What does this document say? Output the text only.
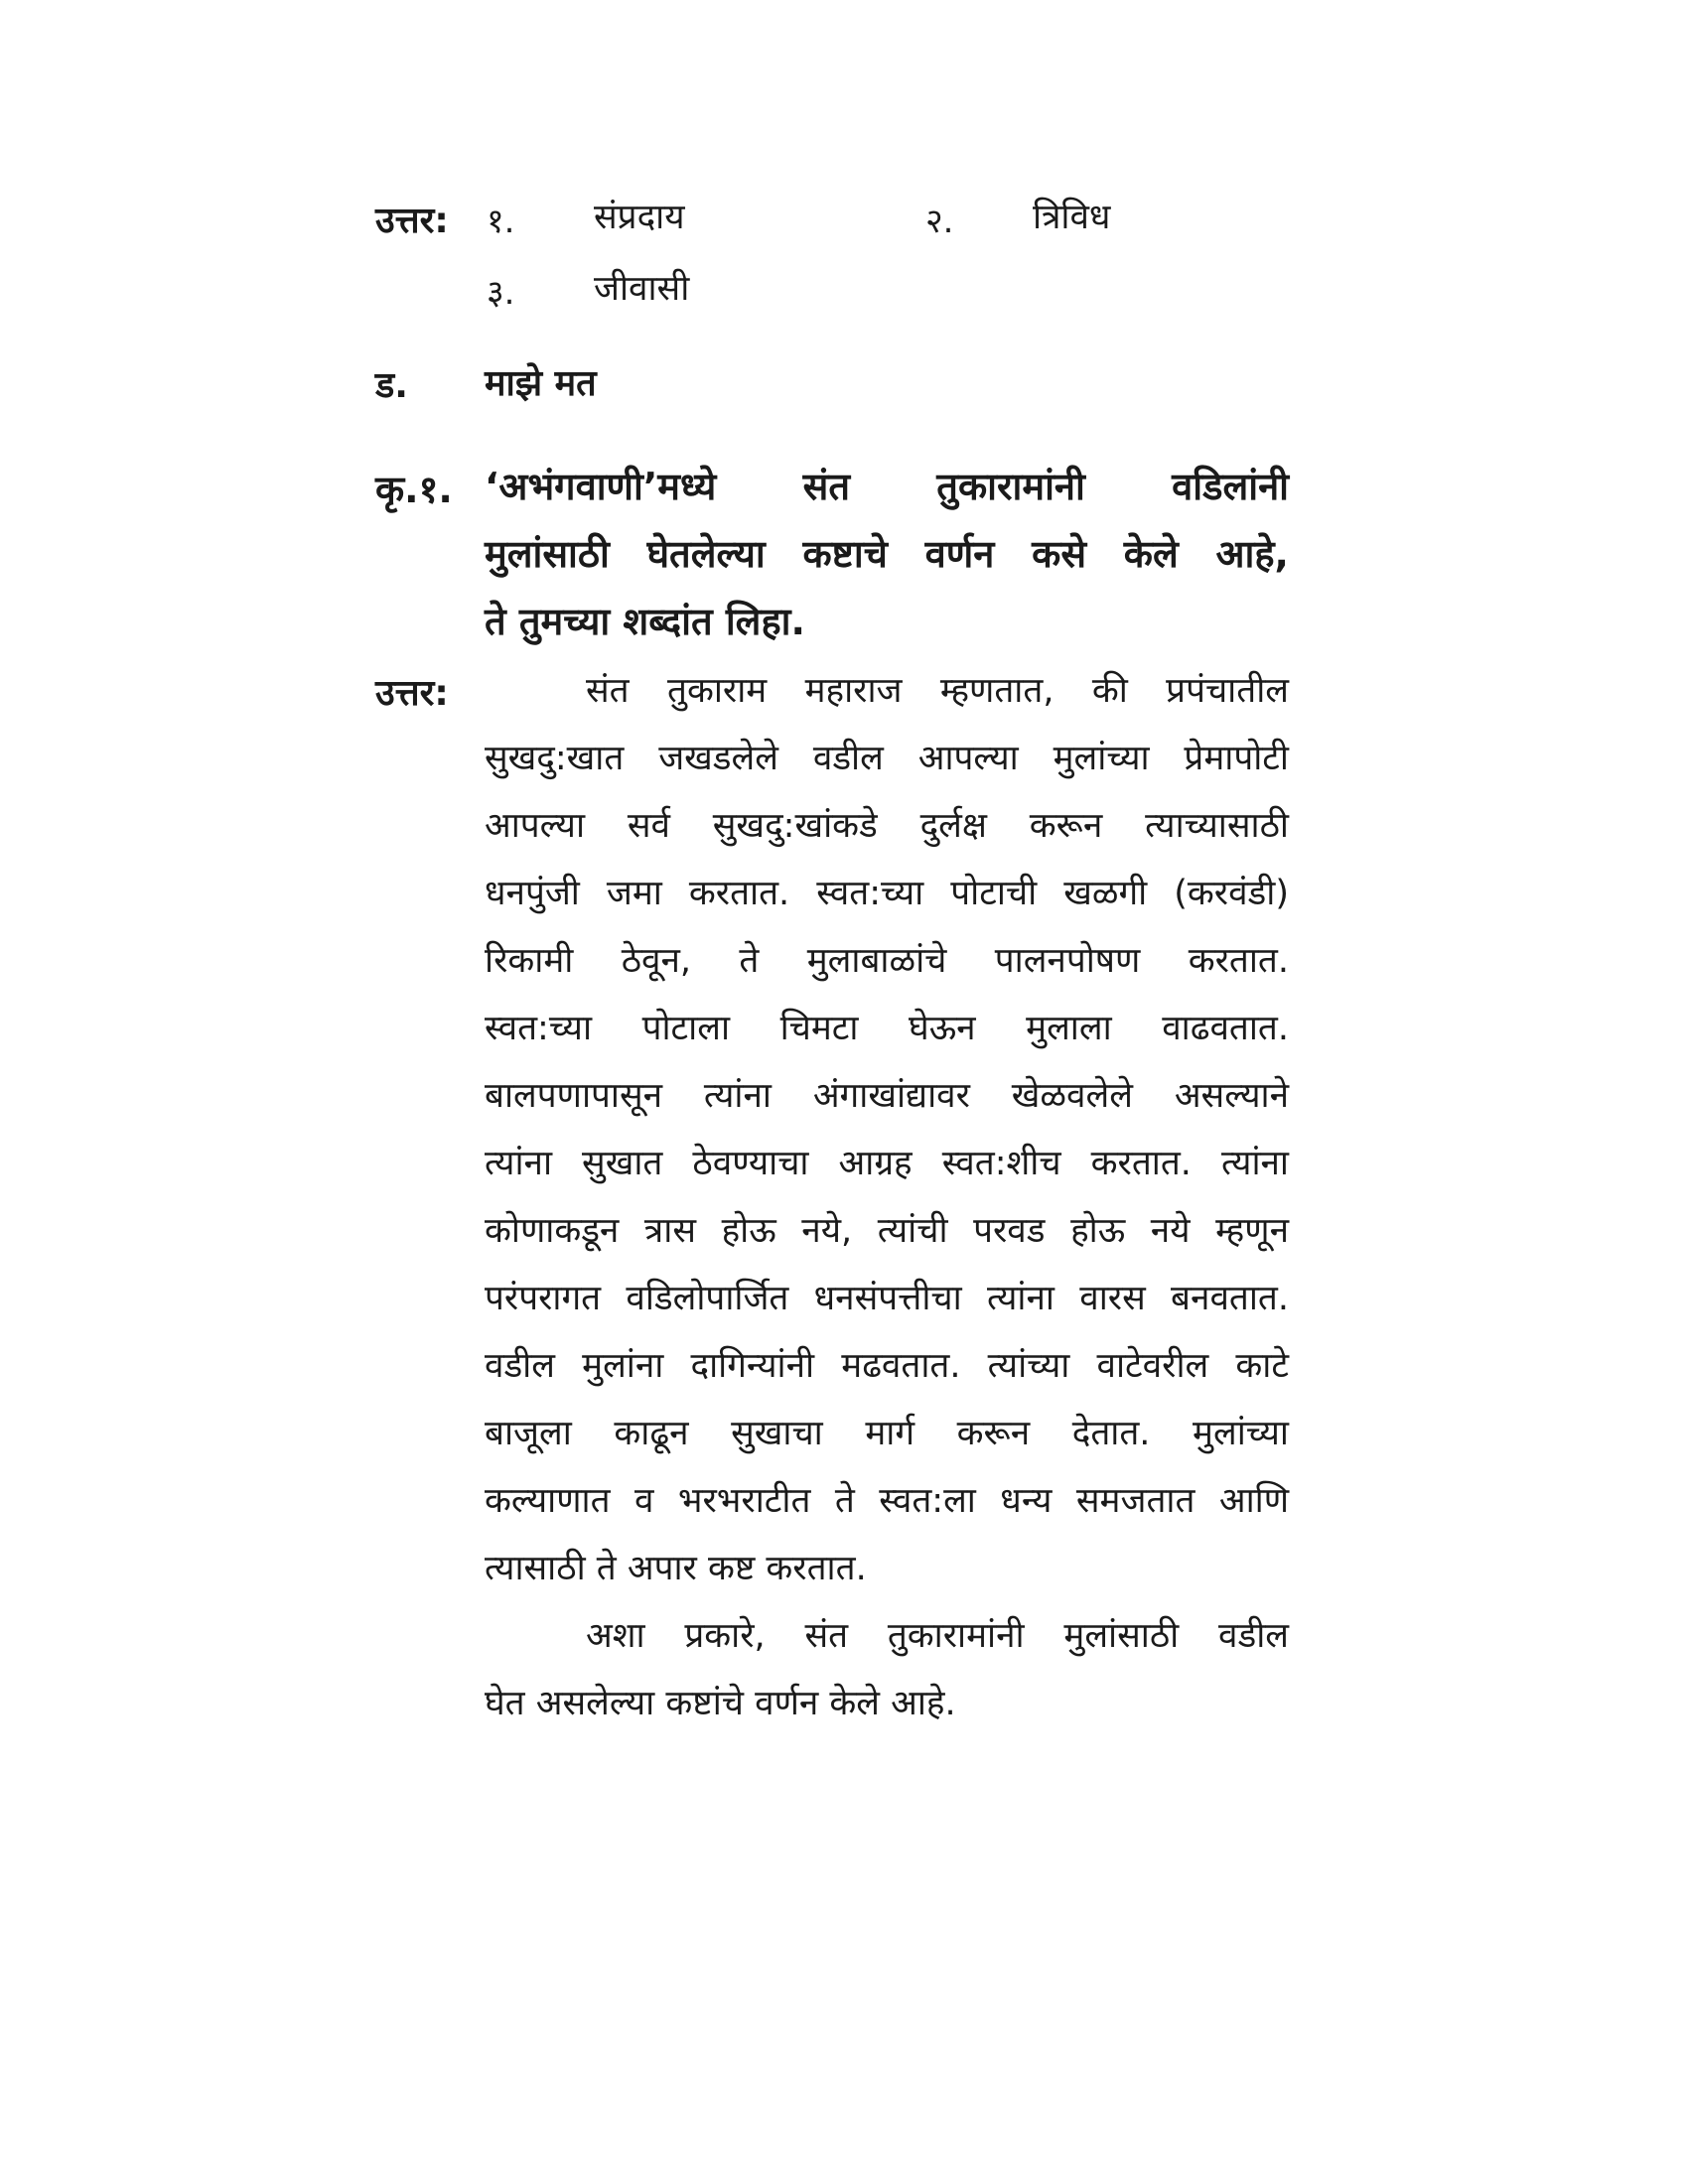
उत्तर: १. संप्रदाय	२. त्रिविध
३. जीवासी
ड. माझे मत
कृ.१. ‘अभंगवाणी’मध्ये संत तुकारामांनी वडिलांनी
मुलांसाठी घेतलेल्या कष्टाचे वर्णन कसे केले आहे,
ते तुमच्या शब्दांत लिहा.
उत्तर:	संत तुकाराम महाराज म्हणतात, की प्रपंचातील
सुखदु:खात जखडलेले वडील आपल्या मुलांच्या प्रेमापोटी
आपल्या सर्व सुखदु:खांकडे दुर्लक्ष करून त्याच्यासाठी
धनपुंजी जमा करतात. स्वत:च्या पोटाची खळगी (करवंडी)
रिकामी ठेवून, ते मुलाबाळांचे पालनपोषण करतात.
स्वत:च्या पोटाला चिमटा घेऊन मुलाला वाढवतात.
बालपणापासून त्यांना अंगाखांद्यावर खेळवलेले असल्याने
त्यांना सुखात ठेवण्याचा आग्रह स्वत:शीच करतात. त्यांना
कोणाकडून त्रास होऊ नये, त्यांची परवड होऊ नये म्हणून
परंपरागत वडिलोपार्जित धनसंपत्तीचा त्यांना वारस बनवतात.
वडील मुलांना दागिन्यांनी मढवतात. त्यांच्या वाटेवरील काटे
बाजूला काढून सुखाचा मार्ग करून देतात. मुलांच्या
कल्याणात व भरभराटीत ते स्वत:ला धन्य समजतात आणि
त्यासाठी ते अपार कष्ट करतात.
अशा प्रकारे, संत तुकारामांनी मुलांसाठी वडील
घेत असलेल्या कष्टांचे वर्णन केले आहे.
